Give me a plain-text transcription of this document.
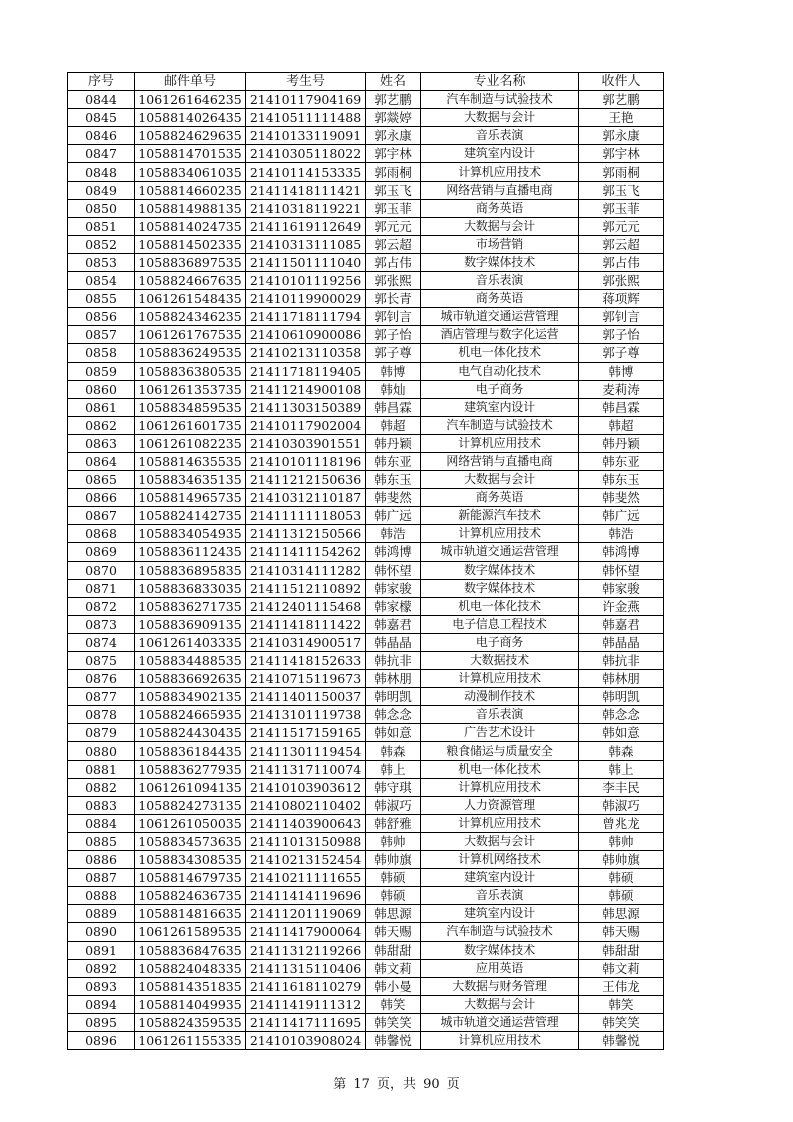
序号	邮件单号	考生号	姓名	专业名称	收件人
0844	1061261646235	21410117904169	郭艺鹏	汽车制造与试验技术	郭艺鹏
0845	1058814026435	21410511111488	郭燚婷	大数据与会计	王艳
0846	1058824629635	21410133119091	郭永康	音乐表演	郭永康
0847	1058814701535	21410305118022	郭宇林	建筑室内设计	郭宇林
0848	1058834061035	21410114153335	郭雨桐	计算机应用技术	郭雨桐
0849	1058814660235	21411418111421	郭玉飞	网络营销与直播电商	郭玉飞
0850	1058814988135	21410318119221	郭玉菲	商务英语	郭玉菲
0851	1058814024735	21411619112649	郭元元	大数据与会计	郭元元
0852	1058814502335	21410313111085	郭云超	市场营销	郭云超
0853	1058836897535	21411501111040	郭占伟	数字媒体技术	郭占伟
0854	1058824667635	21410101119256	郭张熙	音乐表演	郭张熙
0855	1061261548435	21410119900029	郭长青	商务英语	蒋项辉
0856	1058824346235	21411718111794	郭钊言	城市轨道交通运营管理	郭钊言
0857	1061261767535	21410610900086	郭子怡	酒店管理与数字化运营	郭子怡
0858	1058836249535	21410213110358	郭子尊	机电一体化技术	郭子尊
0859	1058836380535	21411718119405	韩博	电气自动化技术	韩博
0860	1061261353735	21411214900108	韩灿	电子商务	麦莉涛
0861	1058834859535	21411303150389	韩昌霖	建筑室内设计	韩昌霖
0862	1061261601735	21410117902004	韩超	汽车制造与试验技术	韩超
0863	1061261082235	21410303901551	韩丹颖	计算机应用技术	韩丹颖
0864	1058814635535	21410101118196	韩东亚	网络营销与直播电商	韩东亚
0865	1058834635135	21411212150636	韩东玉	大数据与会计	韩东玉
0866	1058814965735	21410312110187	韩斐然	商务英语	韩斐然
0867	1058824142735	21411111118053	韩广远	新能源汽车技术	韩广远
0868	1058834054935	21411312150566	韩浩	计算机应用技术	韩浩
0869	1058836112435	21411411154262	韩鸿博	城市轨道交通运营管理	韩鸿博
0870	1058836895835	21410314111282	韩怀望	数字媒体技术	韩怀望
0871	1058836833035	21411512110892	韩家骏	数字媒体技术	韩家骏
0872	1058836271735	21412401115468	韩家檬	机电一体化技术	许金燕
0873	1058836909135	21411418111422	韩嘉君	电子信息工程技术	韩嘉君
0874	1061261403335	21410314900517	韩晶晶	电子商务	韩晶晶
0875	1058834488535	21411418152633	韩抗非	大数据技术	韩抗非
0876	1058836692635	21410715119673	韩林朋	计算机应用技术	韩林朋
0877	1058834902135	21411401150037	韩明凯	动漫制作技术	韩明凯
0878	1058824665935	21413101119738	韩念念	音乐表演	韩念念
0879	1058824430435	21411517159165	韩如意	广告艺术设计	韩如意
0880	1058836184435	21411301119454	韩森	粮食储运与质量安全	韩森
0881	1058836277935	21411317110074	韩上	机电一体化技术	韩上
0882	1061261094135	21410103903612	韩守琪	计算机应用技术	李丰民
0883	1058824273135	21410802110402	韩淑巧	人力资源管理	韩淑巧
0884	1061261050035	21411403900643	韩舒雅	计算机应用技术	曾兆龙
0885	1058834573635	21411013150988	韩帅	大数据与会计	韩帅
0886	1058834308535	21410213152454	韩帅旗	计算机网络技术	韩帅旗
0887	1058814679735	21410211111655	韩硕	建筑室内设计	韩硕
0888	1058824636735	21411414119696	韩硕	音乐表演	韩硕
0889	1058814816635	21411201119069	韩思源	建筑室内设计	韩思源
0890	1061261589535	21411417900064	韩天赐	汽车制造与试验技术	韩天赐
0891	1058836847635	21411312119266	韩甜甜	数字媒体技术	韩甜甜
0892	1058824048335	21411315110406	韩文莉	应用英语	韩文莉
0893	1058814351835	21411618110279	韩小曼	大数据与财务管理	王伟龙
0894	1058814049935	21411419111312	韩笑	大数据与会计	韩笑
0895	1058824359535	21411417111695	韩笑笑	城市轨道交通运营管理	韩笑笑
0896	1061261155335	21410103908024	韩馨悦	计算机应用技术	韩馨悦
第 17 页，共 90 页
